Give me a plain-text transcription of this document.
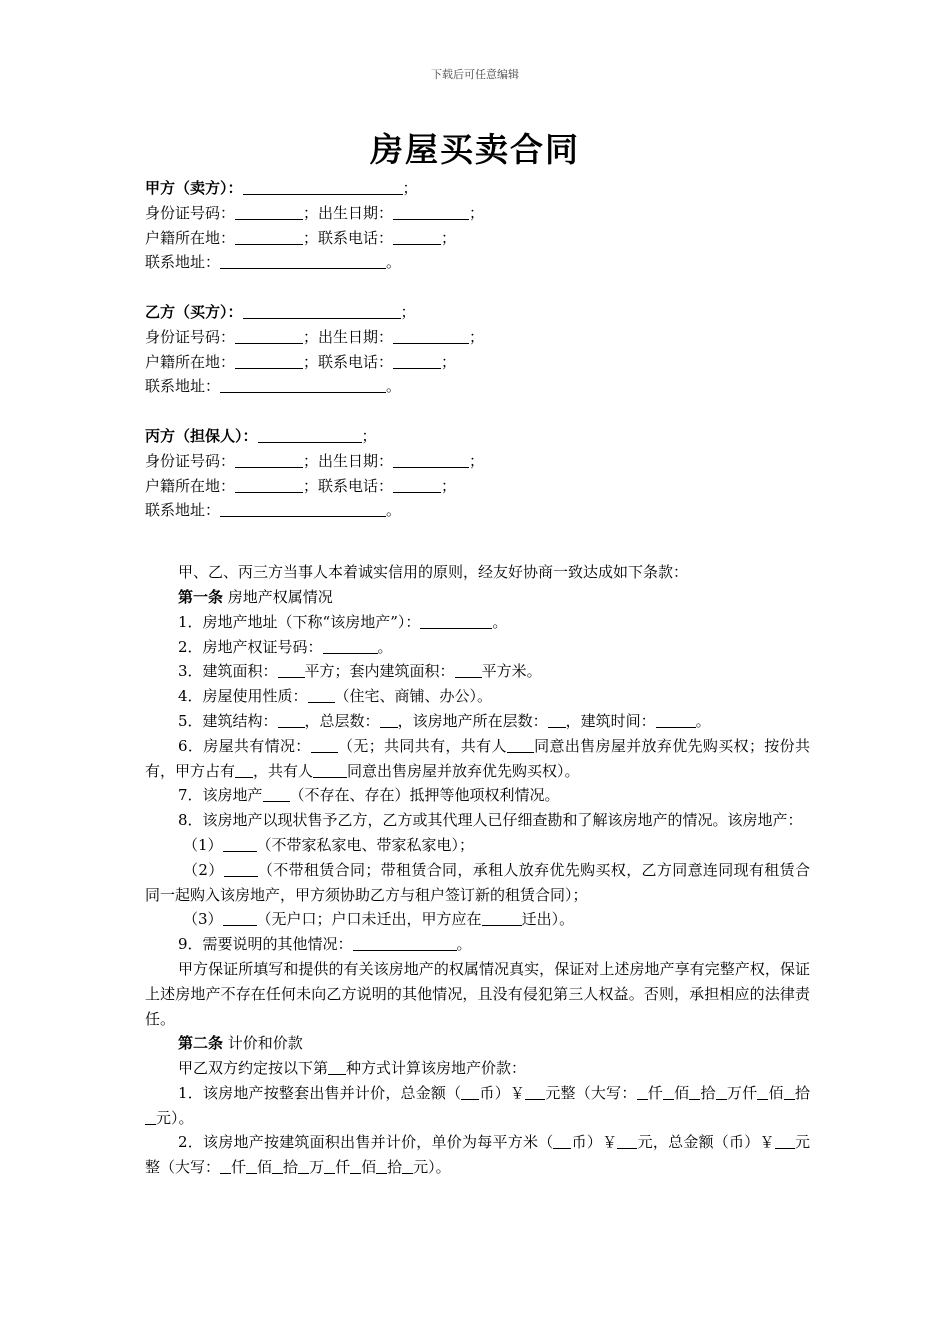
下载后可任意编辑
房屋买卖合同
甲方（卖方）：	；
身份证号码：	；出生日期：	；
户籍所在地：	；联系电话：	；
联系地址：	。
乙方（买方）：	；
身份证号码：	；出生日期：	；
户籍所在地：	；联系电话：	；
联系地址：	。
丙方（担保人）：	；
身份证号码：	；出生日期：	；
户籍所在地：	；联系电话：	；
联系地址：	。
甲、乙、丙三方当事人本着诚实信用的原则，经友好协商一致达成如下条款：
第一条 房地产权属情况
1．房地产地址（下称“该房地产”）：	。
2．房地产权证号码：	。
3．建筑面积： 平方；套内建筑面积： 平方米。
4．房屋使用性质： （住宅、商铺、办公）。
5．建筑结构： ，总层数： ，该房地产所在层数： ，建筑时间：	。
6．房屋共有情况： （无；共同共有，共有人 同意出售房屋并放弃优先购买权；按份共有，甲方占有 ，共有人 同意出售房屋并放弃优先购买权）。
7．该房地产 （不存在、存在）抵押等他项权利情况。
8．该房地产以现状售予乙方，乙方或其代理人已仔细查勘和了解该房地产的情况。该房地产：
（1） （不带家私家电、带家私家电）；
（2） （不带租赁合同；带租赁合同，承租人放弃优先购买权，乙方同意连同现有租赁合同一起购入该房地产，甲方须协助乙方与租户签订新的租赁合同）；
（3） （无户口；户口未迁出，甲方应在	迁出）。
9．需要说明的其他情况：	。
甲方保证所填写和提供的有关该房地产的权属情况真实，保证对上述房地产享有完整产权，保证上述房地产不存在任何未向乙方说明的其他情况，且没有侵犯第三人权益。否则，承担相应的法律责任。
第二条 计价和价款
甲乙双方约定按以下第 种方式计算该房地产价款：
1．该房地产按整套出售并计价，总金额（ 币）￥ 元整（大写： 仟 佰 拾 万仟 佰 拾元）。
2．该房地产按建筑面积出售并计价，单价为每平方米（ 币）￥ 元，总金额（币）￥ 元整（大写： 仟 佰 拾 万 仟 佰 拾 元）。
